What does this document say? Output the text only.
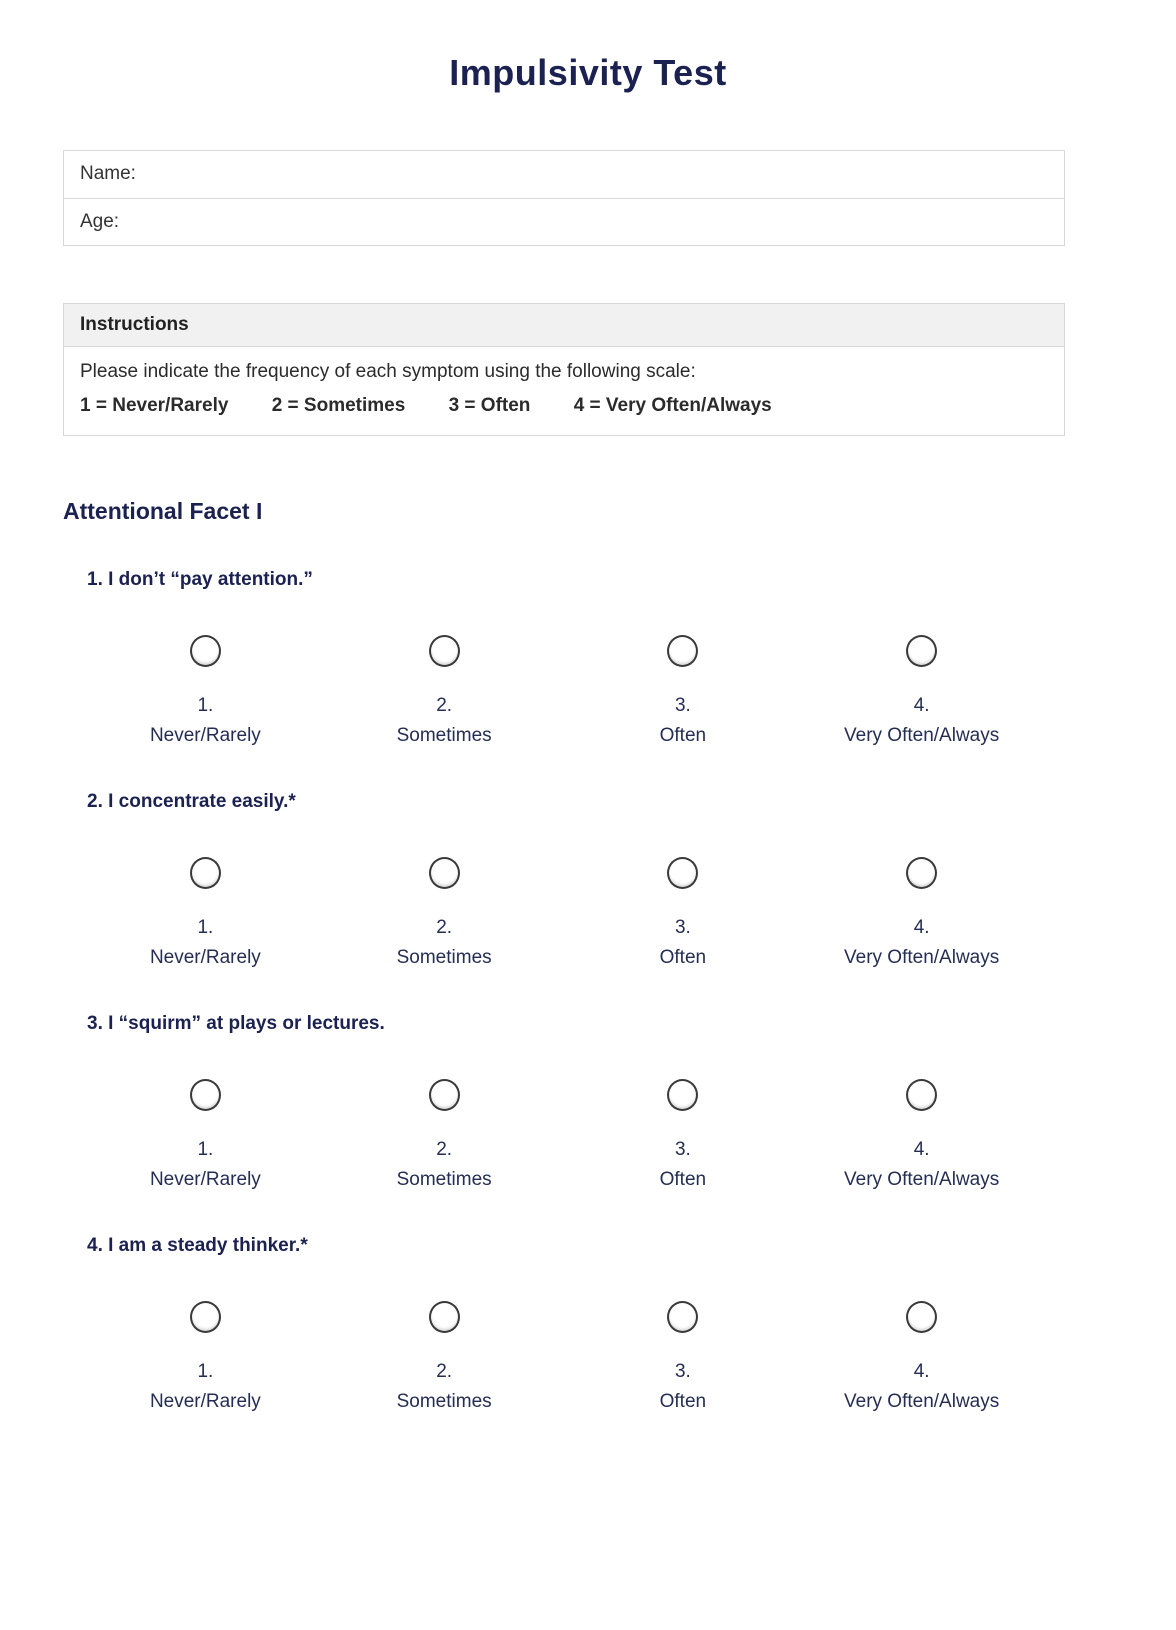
Impulsivity Test
Name:
Age:
Instructions

Please indicate the frequency of each symptom using the following scale:

1 = Never/Rarely 2 = Sometimes 3 = Often 4 = Very Often/Always

Attentional Facet I
1. I don’t “pay attention.”
1.
Never/Rarely
2.
Sometimes
3.
Often
4.
Very Often/Always
2. I concentrate easily.*
1.
Never/Rarely
2.
Sometimes
3.
Often
4.
Very Often/Always
3. I “squirm” at plays or lectures.
1.
Never/Rarely
2.
Sometimes
3.
Often
4.
Very Often/Always
4. I am a steady thinker.*
1.
Never/Rarely
2.
Sometimes
3.
Often
4.
Very Often/Always
